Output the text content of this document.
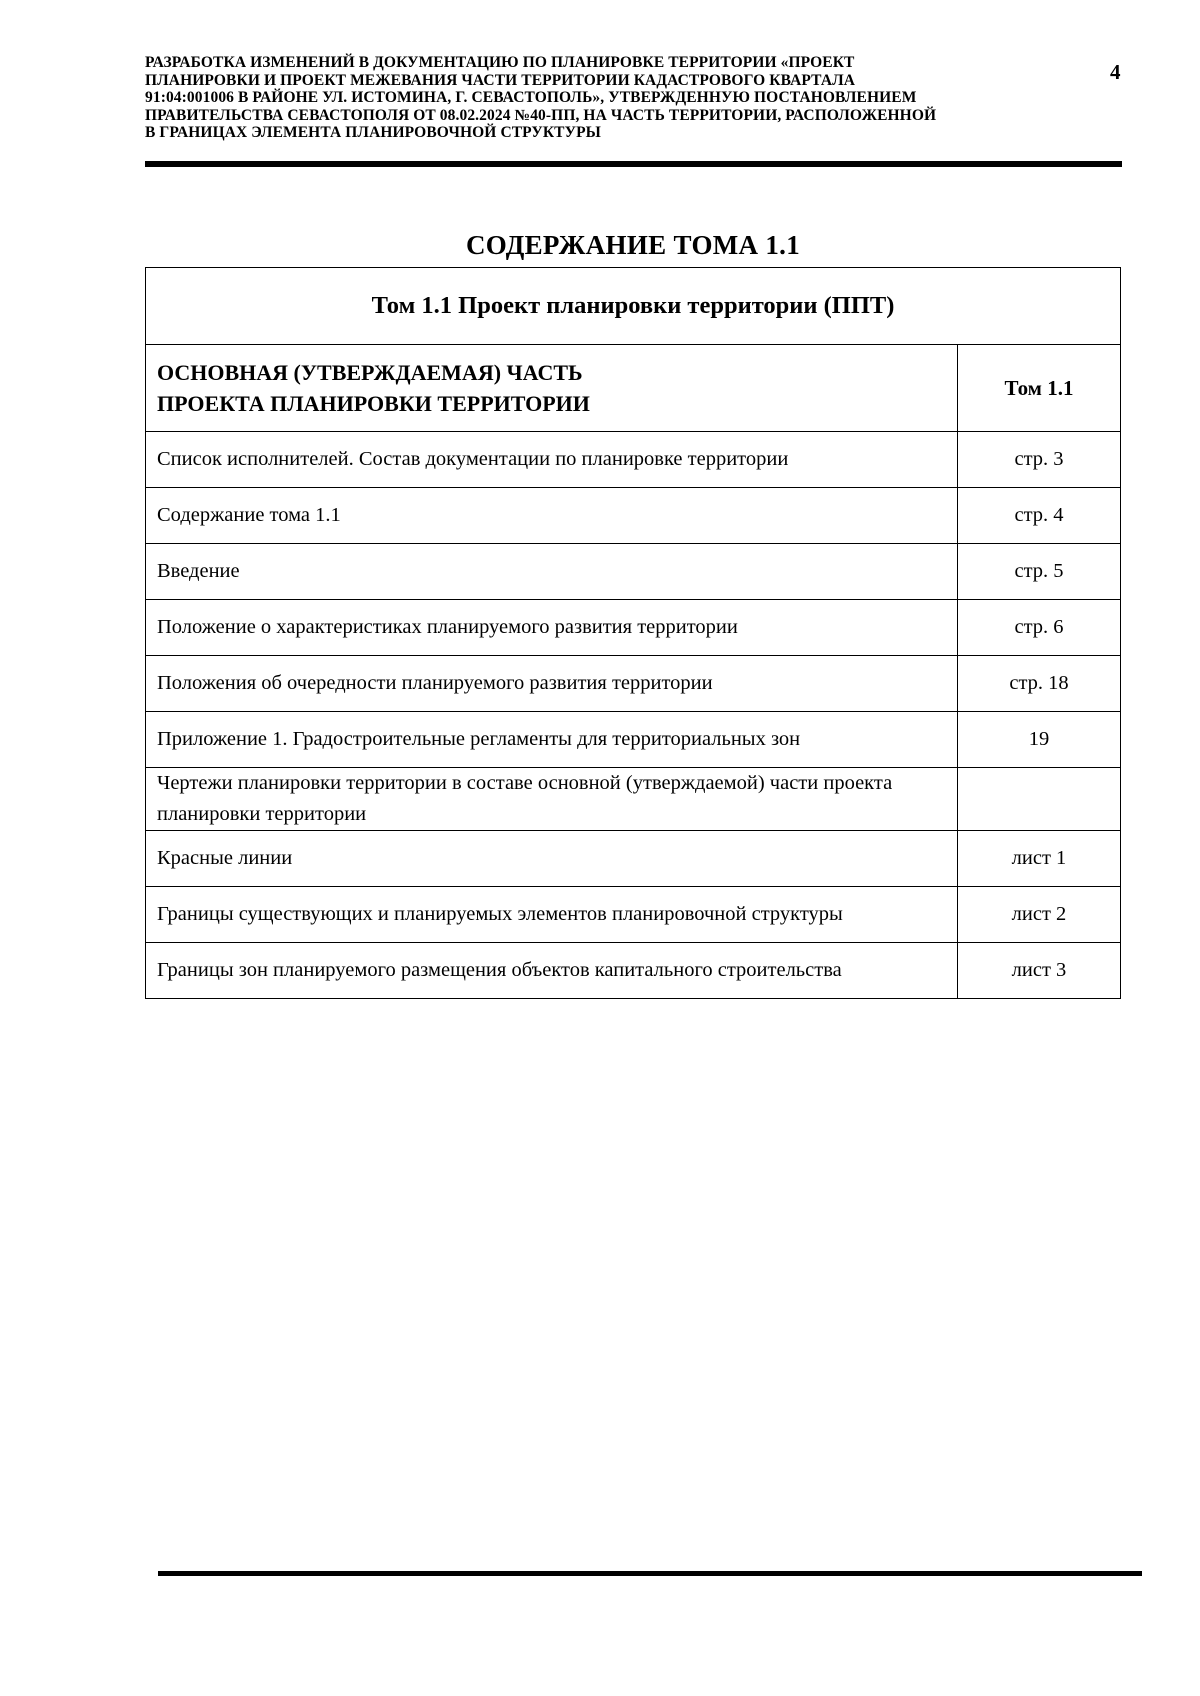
РАЗРАБОТКА ИЗМЕНЕНИЙ В ДОКУМЕНТАЦИЮ ПО ПЛАНИРОВКЕ ТЕРРИТОРИИ «ПРОЕКТ
ПЛАНИРОВКИ И ПРОЕКТ МЕЖЕВАНИЯ ЧАСТИ ТЕРРИТОРИИ КАДАСТРОВОГО КВАРТАЛА
91:04:001006 В РАЙОНЕ УЛ. ИСТОМИНА, Г. СЕВАСТОПОЛЬ», УТВЕРЖДЕННУЮ ПОСТАНОВЛЕНИЕМ
ПРАВИТЕЛЬСТВА СЕВАСТОПОЛЯ ОТ 08.02.2024 №40-ПП, НА ЧАСТЬ ТЕРРИТОРИИ, РАСПОЛОЖЕННОЙ
В ГРАНИЦАХ ЭЛЕМЕНТА ПЛАНИРОВОЧНОЙ СТРУКТУРЫ
4
СОДЕРЖАНИЕ ТОМА 1.1
Том 1.1 Проект планировки территории (ППТ)	

ОСНОВНАЯ (УТВЕРЖДАЕМАЯ) ЧАСТЬ
ПРОЕКТА ПЛАНИРОВКИ ТЕРРИТОРИИ	Том 1.1
Список исполнителей. Состав документации по планировке территории	стр. 3
Содержание тома 1.1	стр. 4
Введение	стр. 5
Положение о характеристиках планируемого развития территории	стр. 6
Положения об очередности планируемого развития территории	стр. 18
Приложение 1. Градостроительные регламенты для территориальных зон	19
Чертежи планировки территории в составе основной (утверждаемой) части проекта планировки территории	
Красные линии	лист 1
Границы существующих и планируемых элементов планировочной структуры	лист 2
Границы зон планируемого размещения объектов капитального строительства	лист 3
